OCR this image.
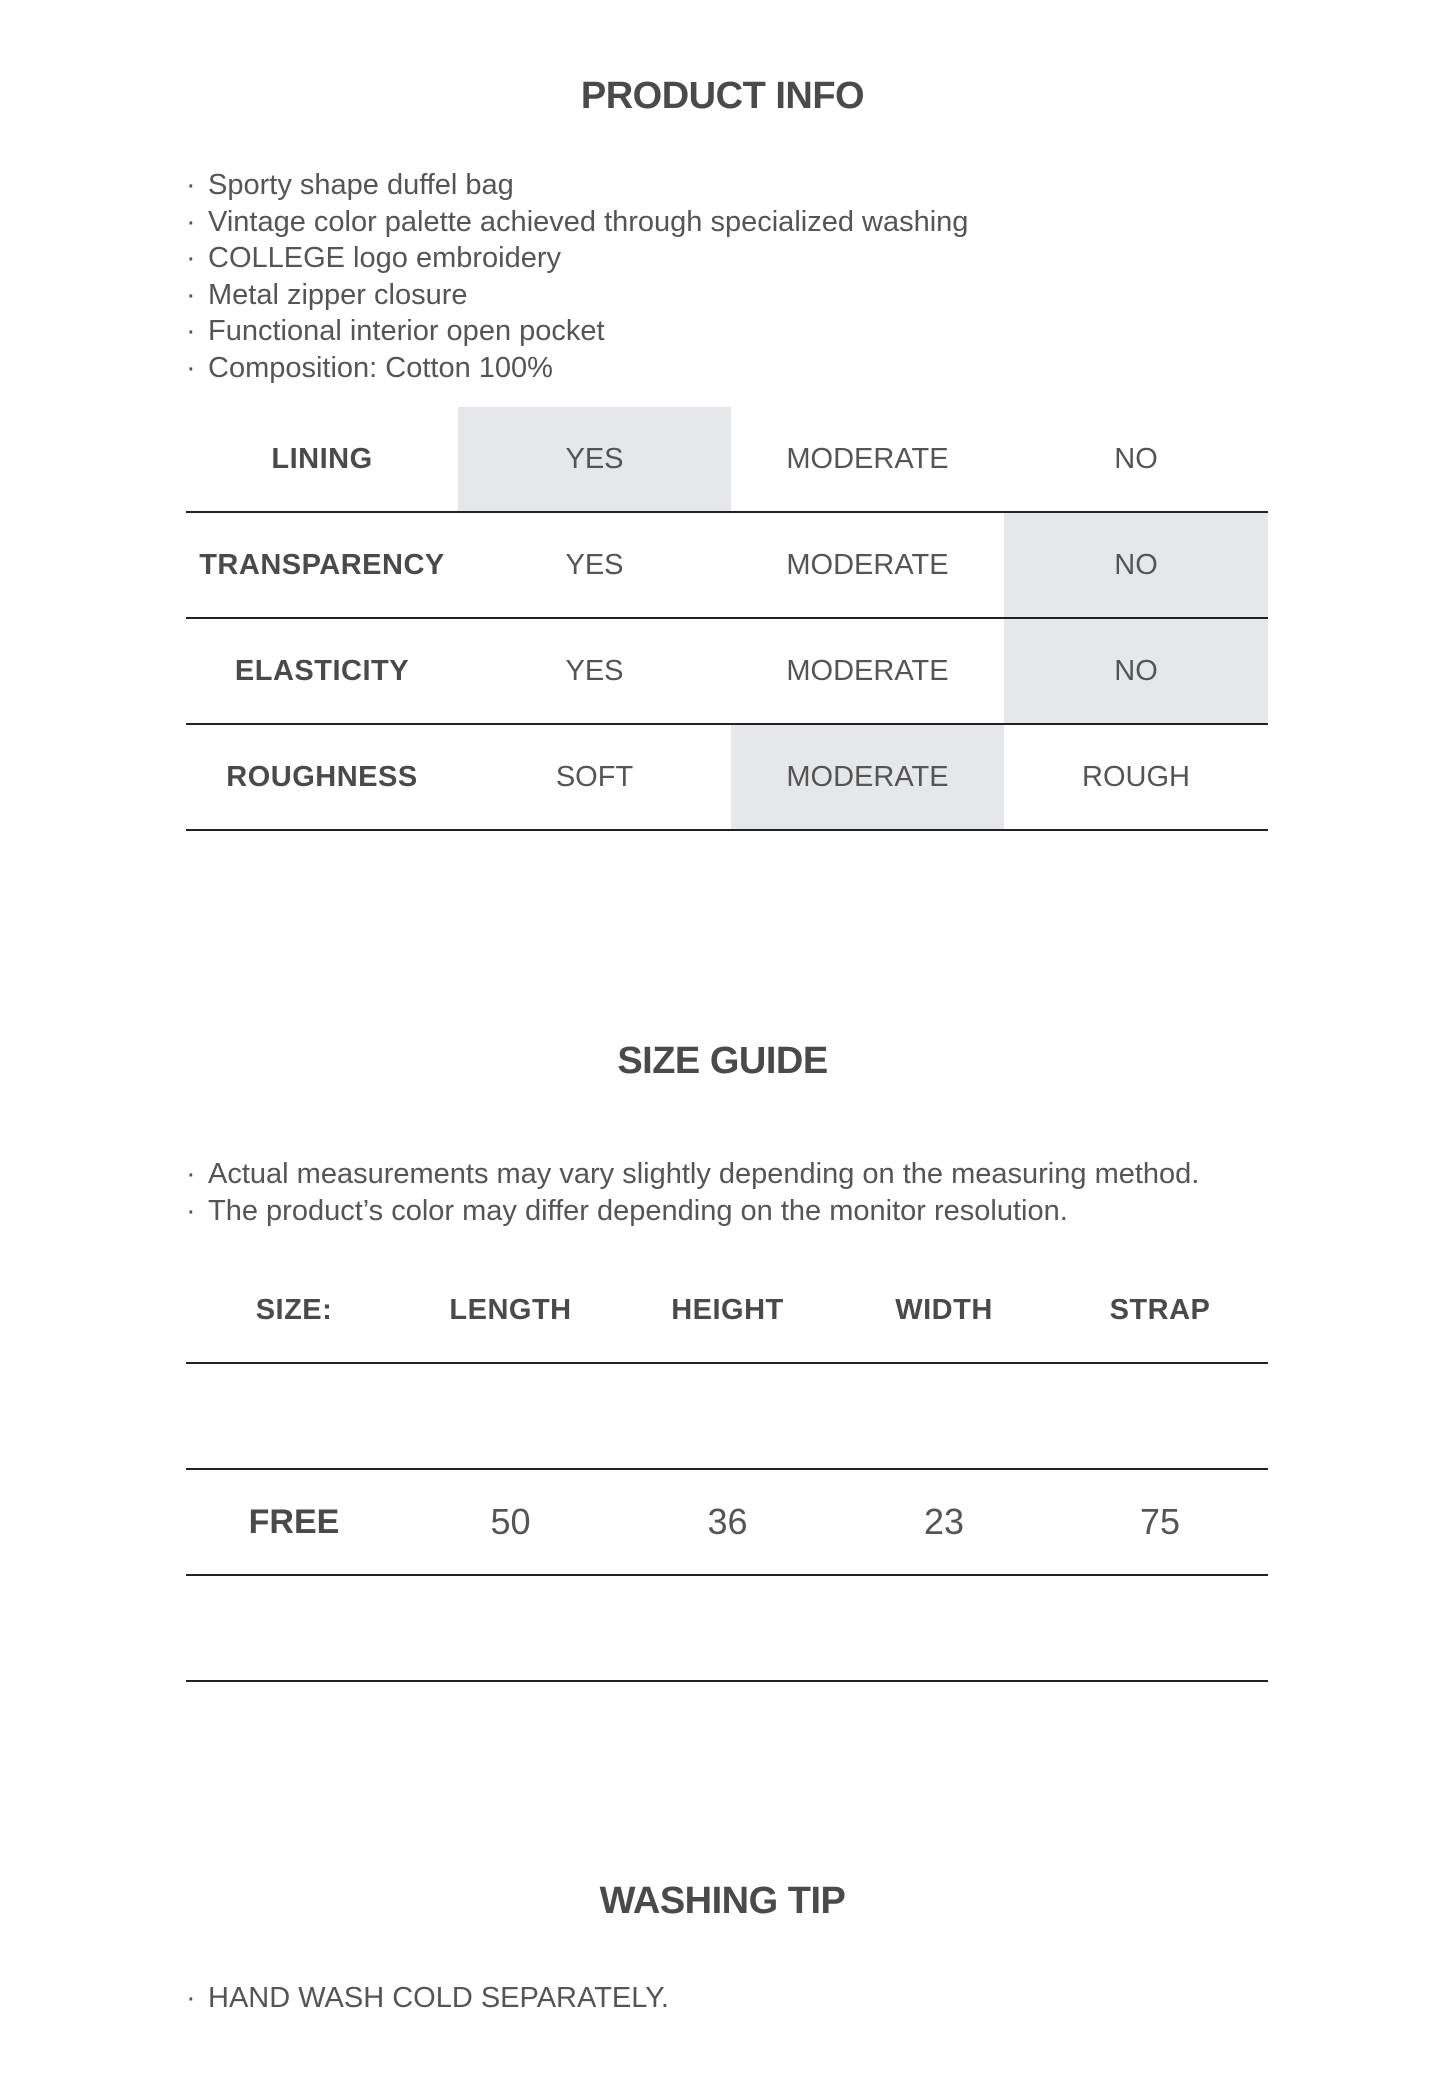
PRODUCT INFO
· Sporty shape duffel bag
· Vintage color palette achieved through specialized washing
· COLLEGE logo embroidery
· Metal zipper closure
· Functional interior open pocket
· Composition: Cotton 100%
LINING	YES	MODERATE	NO
TRANSPARENCY	YES	MODERATE	NO
ELASTICITY	YES	MODERATE	NO
ROUGHNESS	SOFT	MODERATE	ROUGH
SIZE GUIDE
· Actual measurements may vary slightly depending on the measuring method.
· The product’s color may differ depending on the monitor resolution.
SIZE:	LENGTH	HEIGHT	WIDTH	STRAP

FREE	50	36	23	75

WASHING TIP
· HAND WASH COLD SEPARATELY.
